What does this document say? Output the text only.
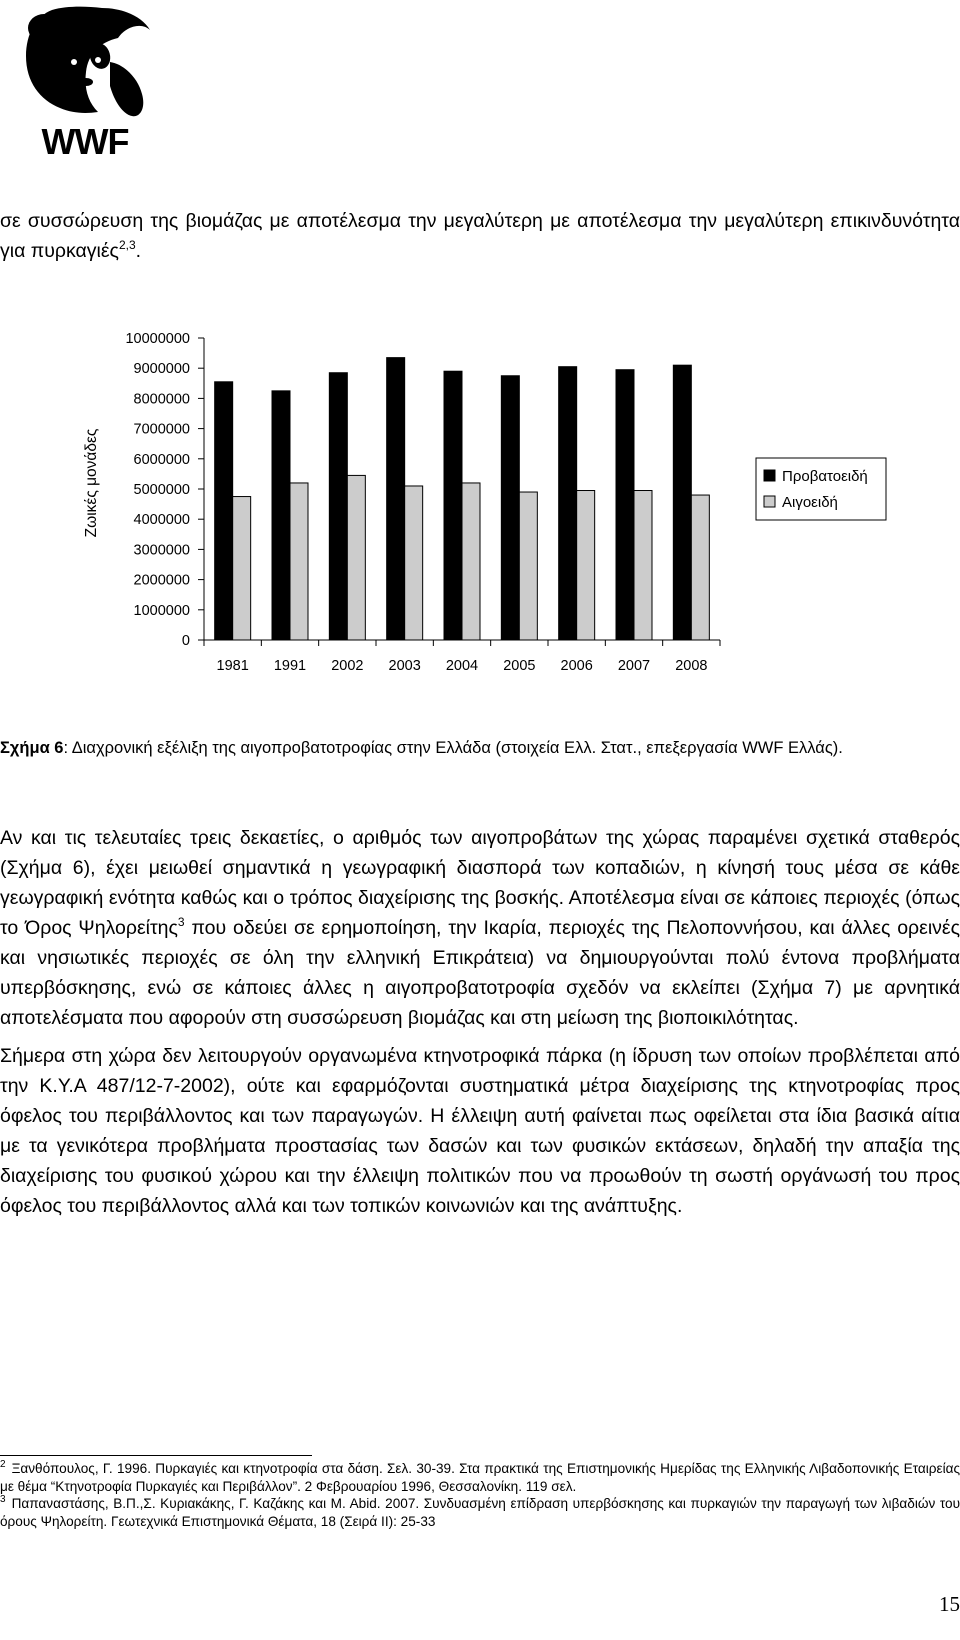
WWF

σε συσσώρευση της βιομάζας με αποτέλεσμα την μεγαλύτερη με αποτέλεσμα την μεγαλύτερη επικινδυνότητα για πυρκαγιές$^{2,3}$.

0
1000000
2000000
3000000
4000000
5000000
6000000
7000000
8000000
9000000
10000000
Ζωικές μονάδες
1981 1991 2002 2003 2004 2005 2006 2007 2008
Προβατοειδή
Αιγοειδή
Σχήμα 6: Διαχρονική εξέλιξη της αιγοπροβατοτροφίας στην Ελλάδα (στοιχεία Ελλ. Στατ., επεξεργασία WWF Ελλάς).

Αν και τις τελευταίες τρεις δεκαετίες, ο αριθμός των αιγοπροβάτων της χώρας παραμένει σχετικά σταθερός (Σχήμα 6), έχει μειωθεί σημαντικά η γεωγραφική διασπορά των κοπαδιών, η κίνησή τους μέσα σε κάθε γεωγραφική ενότητα καθώς και ο τρόπος διαχείρισης της βοσκής. Αποτέλεσμα είναι σε κάποιες περιοχές (όπως το Όρος Ψηλορείτης$^3$ που οδεύει σε ερημοποίηση, την Ικαρία, περιοχές της Πελοποννήσου, και άλλες ορεινές και νησιωτικές περιοχές σε όλη την ελληνική Επικράτεια) να δημιουργούνται πολύ έντονα προβλήματα υπερβόσκησης, ενώ σε κάποιες άλλες η αιγοπροβατοτροφία σχεδόν να εκλείπει (Σχήμα 7) με αρνητικά αποτελέσματα που αφορούν στη συσσώρευση βιομάζας και στη μείωση της βιοποικιλότητας.

Σήμερα στη χώρα δεν λειτουργούν οργανωμένα κτηνοτροφικά πάρκα (η ίδρυση των οποίων προβλέπεται από την Κ.Υ.Α 487/12-7-2002), ούτε και εφαρμόζονται συστηματικά μέτρα διαχείρισης της κτηνοτροφίας προς όφελος του περιβάλλοντος και των παραγωγών. Η έλλειψη αυτή φαίνεται πως οφείλεται στα ίδια βασικά αίτια με τα γενικότερα προβλήματα προστασίας των δασών και των φυσικών εκτάσεων, δηλαδή την απαξία της διαχείρισης του φυσικού χώρου και την έλλειψη πολιτικών που να προωθούν τη σωστή οργάνωσή του προς όφελος του περιβάλλοντος αλλά και των τοπικών κοινωνιών και της ανάπτυξης.

$^2$ Ξανθόπουλος, Γ. 1996. Πυρκαγιές και κτηνοτροφία στα δάση. Σελ. 30-39. Στα πρακτικά της Επιστημονικής Ημερίδας της Ελληνικής Λιβαδοπονικής Εταιρείας με θέμα “Κτηνοτροφία Πυρκαγιές και Περιβάλλον”. 2 Φεβρουαρίου 1996, Θεσσαλονίκη. 119 σελ.

$^3$ Παπαναστάσης, Β.Π.,Σ. Κυριακάκης, Γ. Καζάκης και M. Abid. 2007. Συνδυασμένη επίδραση υπερβόσκησης και πυρκαγιών την παραγωγή των λιβαδιών του όρους Ψηλορείτη. Γεωτεχνικά Επιστημονικά Θέματα, 18 (Σειρά II): 25-33

15
